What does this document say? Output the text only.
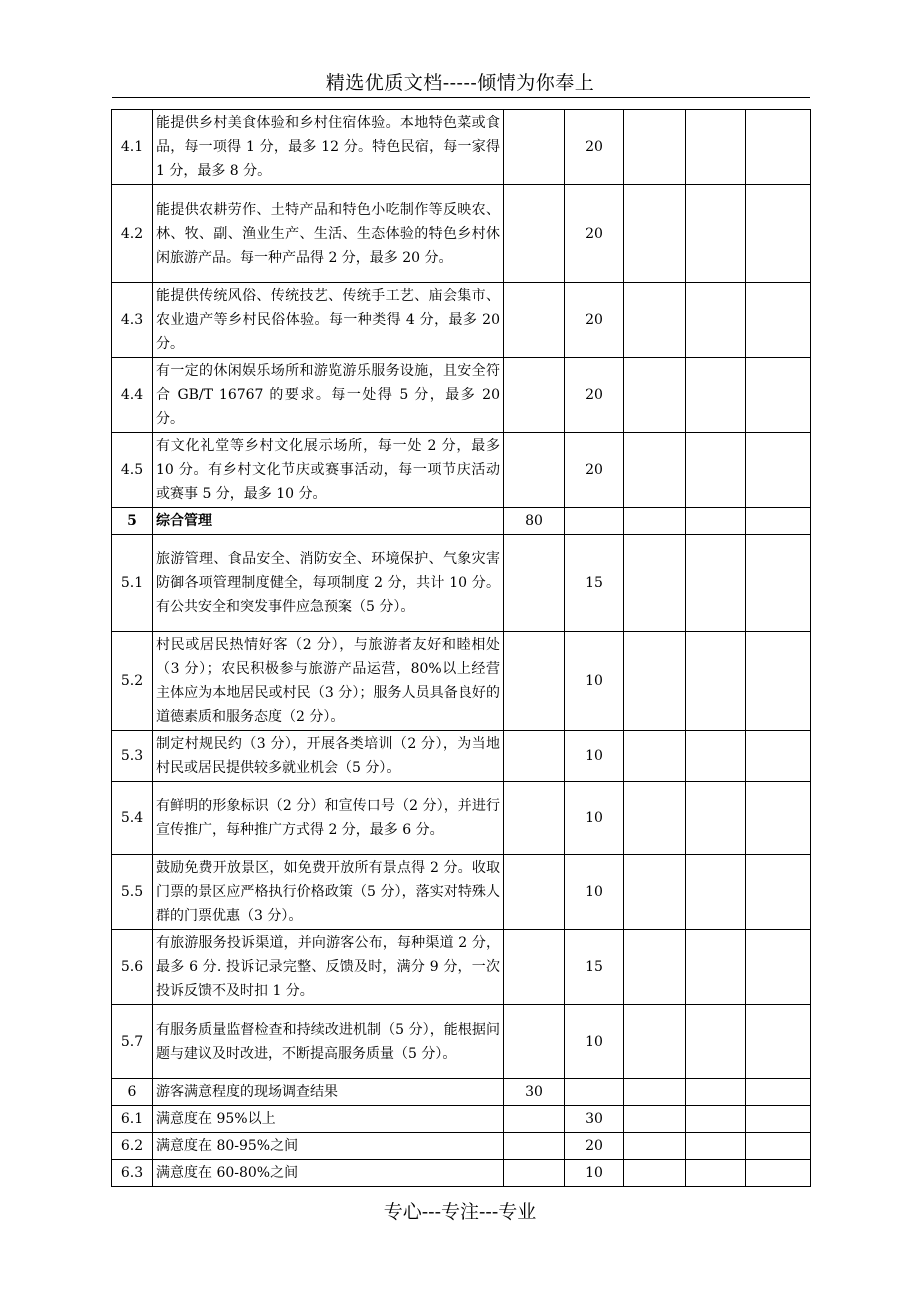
精选优质文档-----倾情为你奉上
4.1	能提供乡村美食体验和乡村住宿体验。本地特色菜或食品，每一项得 1 分，最多 12 分。特色民宿，每一家得 1 分，最多 8 分。		20			
4.2	能提供农耕劳作、土特产品和特色小吃制作等反映农、林、牧、副、渔业生产、生活、生态体验的特色乡村休闲旅游产品。每一种产品得 2 分，最多 20 分。		20			
4.3	能提供传统风俗、传统技艺、传统手工艺、庙会集市、农业遗产等乡村民俗体验。每一种类得 4 分，最多 20 分。		20			
4.4	有一定的休闲娱乐场所和游览游乐服务设施，且安全符合 GB/T 16767 的要求。每一处得 5 分，最多 20 分。		20			
4.5	有文化礼堂等乡村文化展示场所，每一处 2 分，最多 10 分。有乡村文化节庆或赛事活动，每一项节庆活动或赛事 5 分，最多 10 分。		20			
5	综合管理	80				
5.1	旅游管理、食品安全、消防安全、环境保护、气象灾害防御各项管理制度健全，每项制度 2 分，共计 10 分。有公共安全和突发事件应急预案（5 分）。		15			
5.2	村民或居民热情好客（2 分），与旅游者友好和睦相处（3 分）；农民积极参与旅游产品运营，80%以上经营主体应为本地居民或村民（3 分）；服务人员具备良好的道德素质和服务态度（2 分）。		10			
5.3	制定村规民约（3 分），开展各类培训（2 分），为当地村民或居民提供较多就业机会（5 分）。		10			
5.4	有鲜明的形象标识（2 分）和宣传口号（2 分），并进行宣传推广，每种推广方式得 2 分，最多 6 分。		10			
5.5	鼓励免费开放景区，如免费开放所有景点得 2 分。收取门票的景区应严格执行价格政策（5 分），落实对特殊人群的门票优惠（3 分）。		10			
5.6	有旅游服务投诉渠道，并向游客公布，每种渠道 2 分，最多 6 分. 投诉记录完整、反馈及时，满分 9 分，一次投诉反馈不及时扣 1 分。		15			
5.7	有服务质量监督检查和持续改进机制（5 分），能根据问题与建议及时改进，不断提高服务质量（5 分）。		10			
6	游客满意程度的现场调查结果	30				
6.1	满意度在 95%以上		30			
6.2	满意度在 80-95%之间		20			
6.3	满意度在 60-80%之间		10			
专心---专注---专业
